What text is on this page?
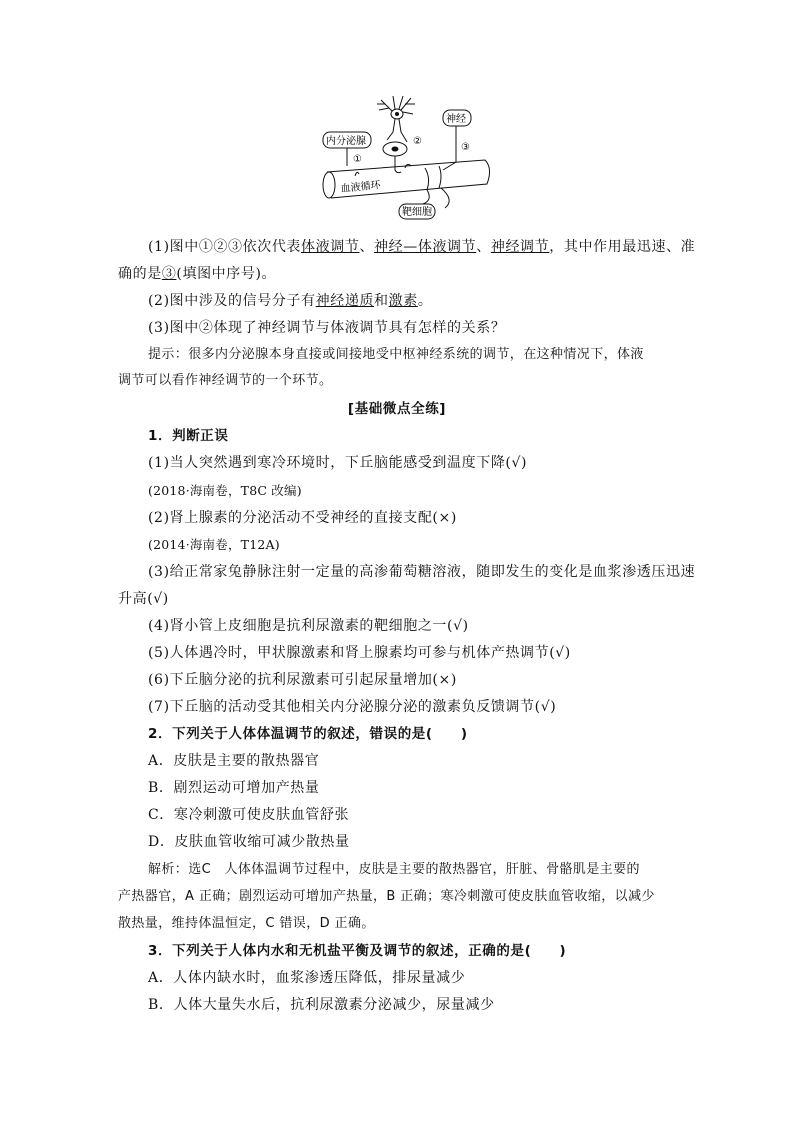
②
内分泌腺
①
神经
③
血液循环
靶细胞
(1)图中①②③依次代表体液调节、神经—体液调节、神经调节，其中作用最迅速、准
确的是③(填图中序号)。
(2)图中涉及的信号分子有神经递质和激素。
(3)图中②体现了神经调节与体液调节具有怎样的关系？
提示：很多内分泌腺本身直接或间接地受中枢神经系统的调节，在这种情况下，体液
调节可以看作神经调节的一个环节。
[基础微点全练]
1．判断正误
(1)当人突然遇到寒冷环境时，下丘脑能感受到温度下降(√)
(2018·海南卷，T8C 改编)
(2)肾上腺素的分泌活动不受神经的直接支配(×)
(2014·海南卷，T12A)
(3)给正常家兔静脉注射一定量的高渗葡萄糖溶液，随即发生的变化是血浆渗透压迅速
升高(√)
(4)肾小管上皮细胞是抗利尿激素的靶细胞之一(√)
(5)人体遇冷时，甲状腺激素和肾上腺素均可参与机体产热调节(√)
(6)下丘脑分泌的抗利尿激素可引起尿量增加(×)
(7)下丘脑的活动受其他相关内分泌腺分泌的激素负反馈调节(√)
2．下列关于人体体温调节的叙述，错误的是(　　)
A．皮肤是主要的散热器官
B．剧烈运动可增加产热量
C．寒冷刺激可使皮肤血管舒张
D．皮肤血管收缩可减少散热量
解析：选C　人体体温调节过程中，皮肤是主要的散热器官，肝脏、骨骼肌是主要的
产热器官，A 正确；剧烈运动可增加产热量，B 正确；寒冷刺激可使皮肤血管收缩，以减少
散热量，维持体温恒定，C 错误，D 正确。
3．下列关于人体内水和无机盐平衡及调节的叙述，正确的是(　　)
A．人体内缺水时，血浆渗透压降低，排尿量减少
B．人体大量失水后，抗利尿激素分泌减少，尿量减少
